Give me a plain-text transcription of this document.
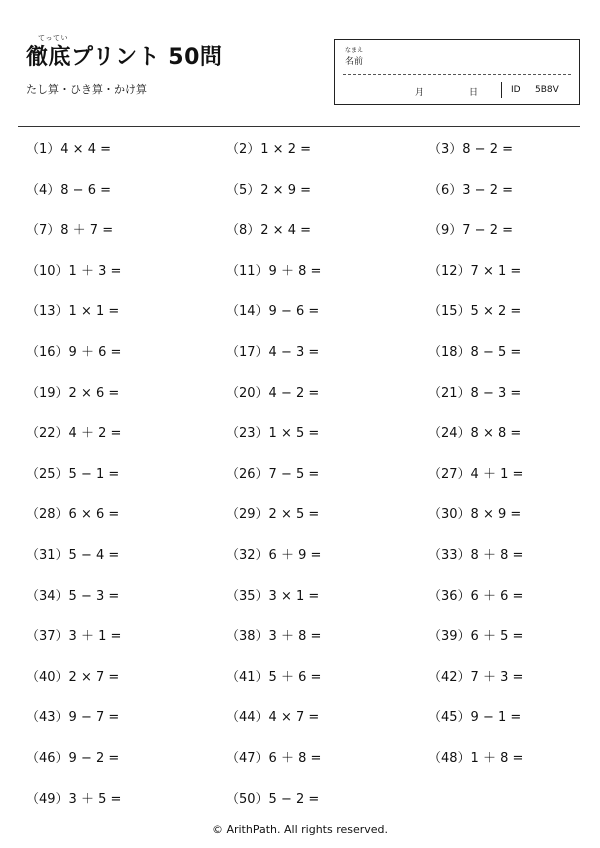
てってい
徹底プリント 50問
たし算・ひき算・かけ算
なまえ
名前
月	日	ID 5B8V
（1）4 × 4 =	（2）1 × 2 =	（3）8 − 2 =
（4）8 − 6 =	（5）2 × 9 =	（6）3 − 2 =
（7）8 ＋ 7 =	（8）2 × 4 =	（9）7 − 2 =
（10）1 ＋ 3 =	（11）9 ＋ 8 =	（12）7 × 1 =
（13）1 × 1 =	（14）9 − 6 =	（15）5 × 2 =
（16）9 ＋ 6 =	（17）4 − 3 =	（18）8 − 5 =
（19）2 × 6 =	（20）4 − 2 =	（21）8 − 3 =
（22）4 ＋ 2 =	（23）1 × 5 =	（24）8 × 8 =
（25）5 − 1 =	（26）7 − 5 =	（27）4 ＋ 1 =
（28）6 × 6 =	（29）2 × 5 =	（30）8 × 9 =
（31）5 − 4 =	（32）6 ＋ 9 =	（33）8 ＋ 8 =
（34）5 − 3 =	（35）3 × 1 =	（36）6 ＋ 6 =
（37）3 ＋ 1 =	（38）3 ＋ 8 =	（39）6 ＋ 5 =
（40）2 × 7 =	（41）5 ＋ 6 =	（42）7 ＋ 3 =
（43）9 − 7 =	（44）4 × 7 =	（45）9 − 1 =
（46）9 − 2 =	（47）6 ＋ 8 =	（48）1 ＋ 8 =
（49）3 ＋ 5 =	（50）5 − 2 =
© ArithPath. All rights reserved.
